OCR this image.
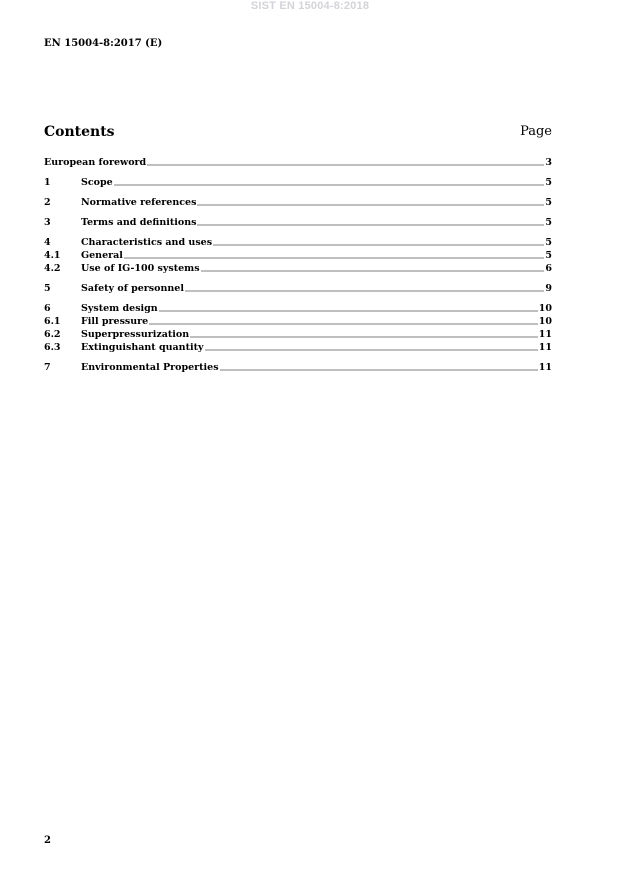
SIST EN 15004-8:2018
EN 15004-8:2017 (E)
Contents	Page
European foreword	3
1	Scope	5
2	Normative references	5
3	Terms and definitions	5
4	Characteristics and uses	5
4.1	General	5
4.2	Use of IG-100 systems	6
5	Safety of personnel	9
6	System design	10
6.1	Fill pressure	10
6.2	Superpressurization	11
6.3	Extinguishant quantity	11
7	Environmental Properties	11
2
